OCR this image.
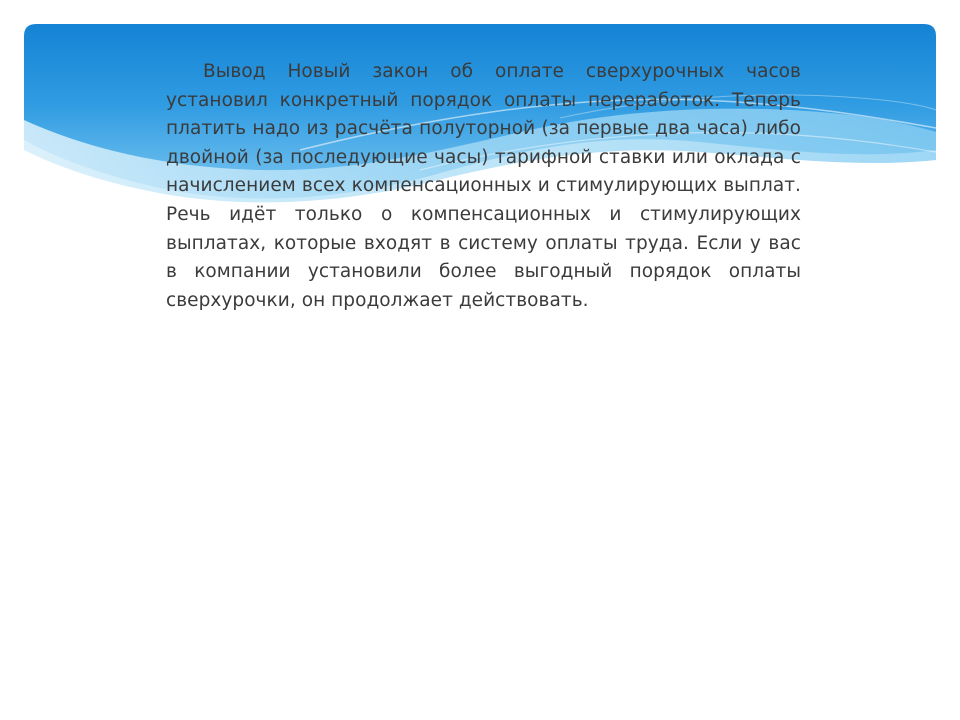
Вывод Новый закон об оплате сверхурочных часов установил конкретный порядок оплаты переработок. Теперь платить надо из расчёта полуторной (за первые два часа) либо двойной (за последующие часы) тарифной ставки или оклада с начислением всех компенсационных и стимулирующих выплат. Речь идёт только о компенсационных и стимулирующих выплатах, которые входят в систему оплаты труда. Если у вас в компании установили более выгодный порядок оплаты сверхурочки, он продолжает действовать.
